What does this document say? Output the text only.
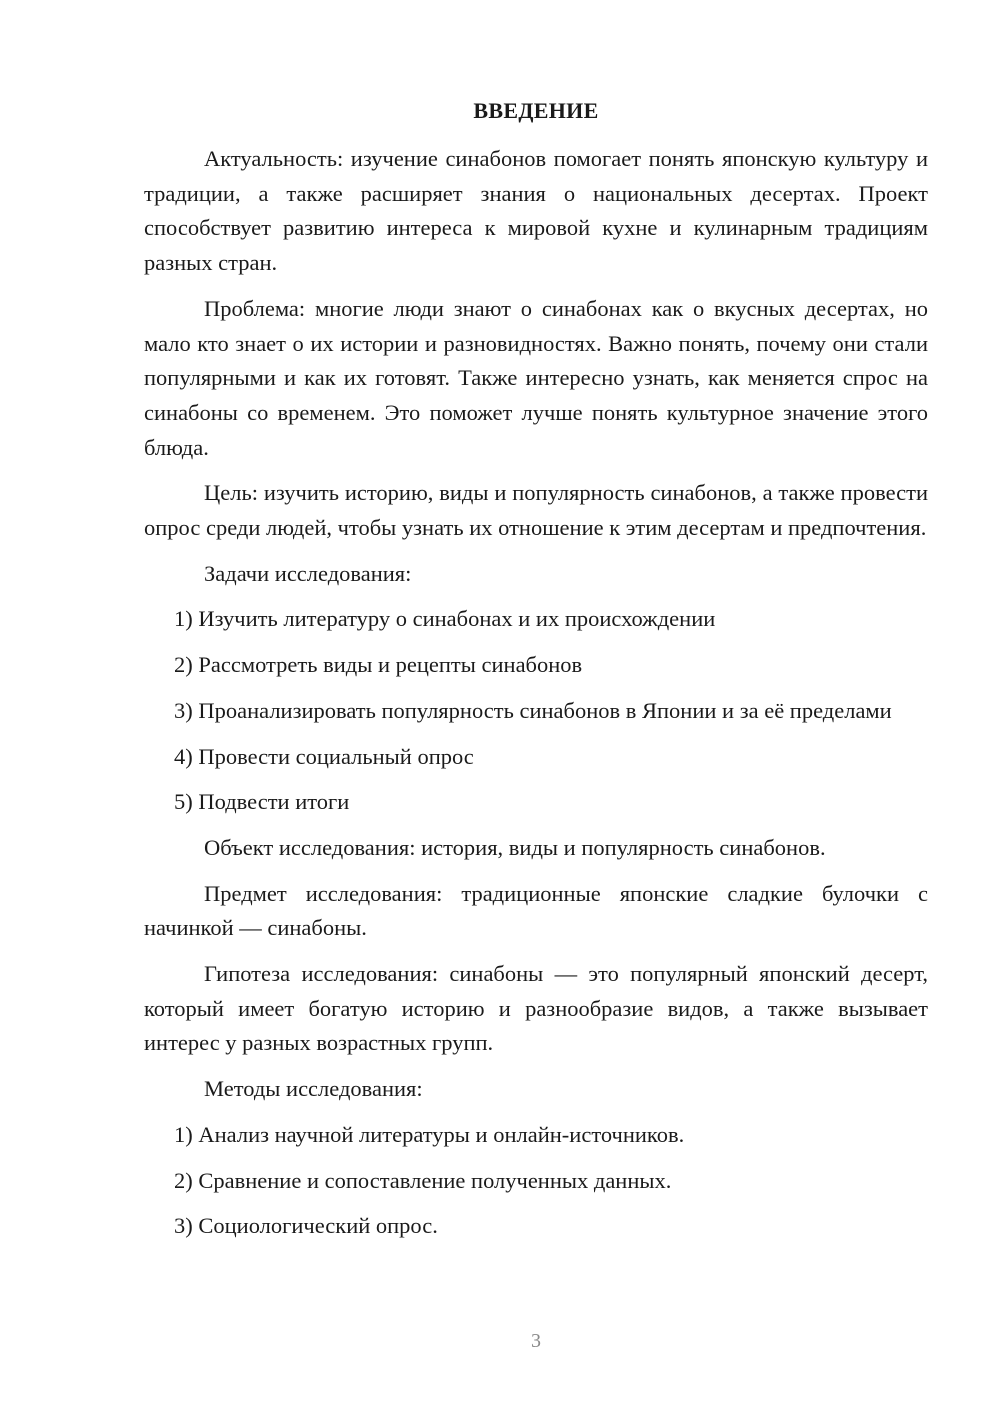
ВВЕДЕНИЕ

Актуальность: изучение синабонов помогает понять японскую культуру и традиции, а также расширяет знания о национальных десертах. Проект способствует развитию интереса к мировой кухне и кулинарным традициям разных стран.

Проблема: многие люди знают о синабонах как о вкусных десертах, но мало кто знает о их истории и разновидностях. Важно понять, почему они стали популярными и как их готовят. Также интересно узнать, как меняется спрос на синабоны со временем. Это поможет лучше понять культурное значение этого блюда.

Цель: изучить историю, виды и популярность синабонов, а также провести опрос среди людей, чтобы узнать их отношение к этим десертам и предпочтения.

Задачи исследования:

1) Изучить литературу о синабонах и их происхождении

2) Рассмотреть виды и рецепты синабонов

3) Проанализировать популярность синабонов в Японии и за её пределами

4) Провести социальный опрос

5) Подвести итоги

Объект исследования: история, виды и популярность синабонов.

Предмет исследования: традиционные японские сладкие булочки с начинкой — синабоны.

Гипотеза исследования: синабоны — это популярный японский десерт, который имеет богатую историю и разнообразие видов, а также вызывает интерес у разных возрастных групп.

Методы исследования:

1) Анализ научной литературы и онлайн-источников.

2) Сравнение и сопоставление полученных данных.

3) Социологический опрос.

3
